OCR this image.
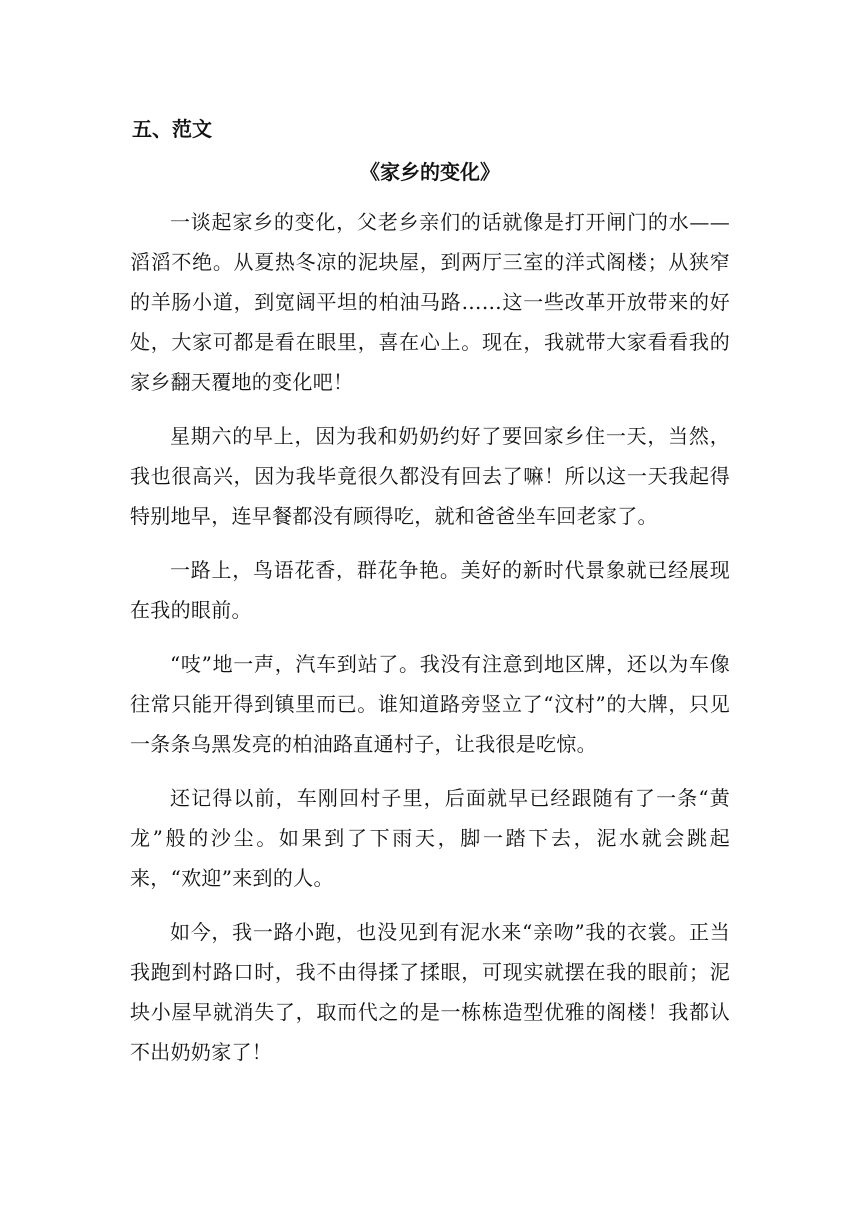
五、范文
《家乡的变化》

一谈起家乡的变化，父老乡亲们的话就像是打开闸门的水——滔滔不绝。从夏热冬凉的泥块屋，到两厅三室的洋式阁楼；从狭窄的羊肠小道，到宽阔平坦的柏油马路……这一些改革开放带来的好处，大家可都是看在眼里，喜在心上。现在，我就带大家看看我的家乡翻天覆地的变化吧！

星期六的早上，因为我和奶奶约好了要回家乡住一天，当然，我也很高兴，因为我毕竟很久都没有回去了嘛！所以这一天我起得特别地早，连早餐都没有顾得吃，就和爸爸坐车回老家了。

一路上，鸟语花香，群花争艳。美好的新时代景象就已经展现在我的眼前。

“吱”地一声，汽车到站了。我没有注意到地区牌，还以为车像往常只能开得到镇里而已。谁知道路旁竖立了“汶村”的大牌，只见一条条乌黑发亮的柏油路直通村子，让我很是吃惊。

还记得以前，车刚回村子里，后面就早已经跟随有了一条“黄龙”般的沙尘。如果到了下雨天，脚一踏下去，泥水就会跳起来，“欢迎”来到的人。

如今，我一路小跑，也没见到有泥水来“亲吻”我的衣裳。正当我跑到村路口时，我不由得揉了揉眼，可现实就摆在我的眼前；泥块小屋早就消失了，取而代之的是一栋栋造型优雅的阁楼！我都认不出奶奶家了！
